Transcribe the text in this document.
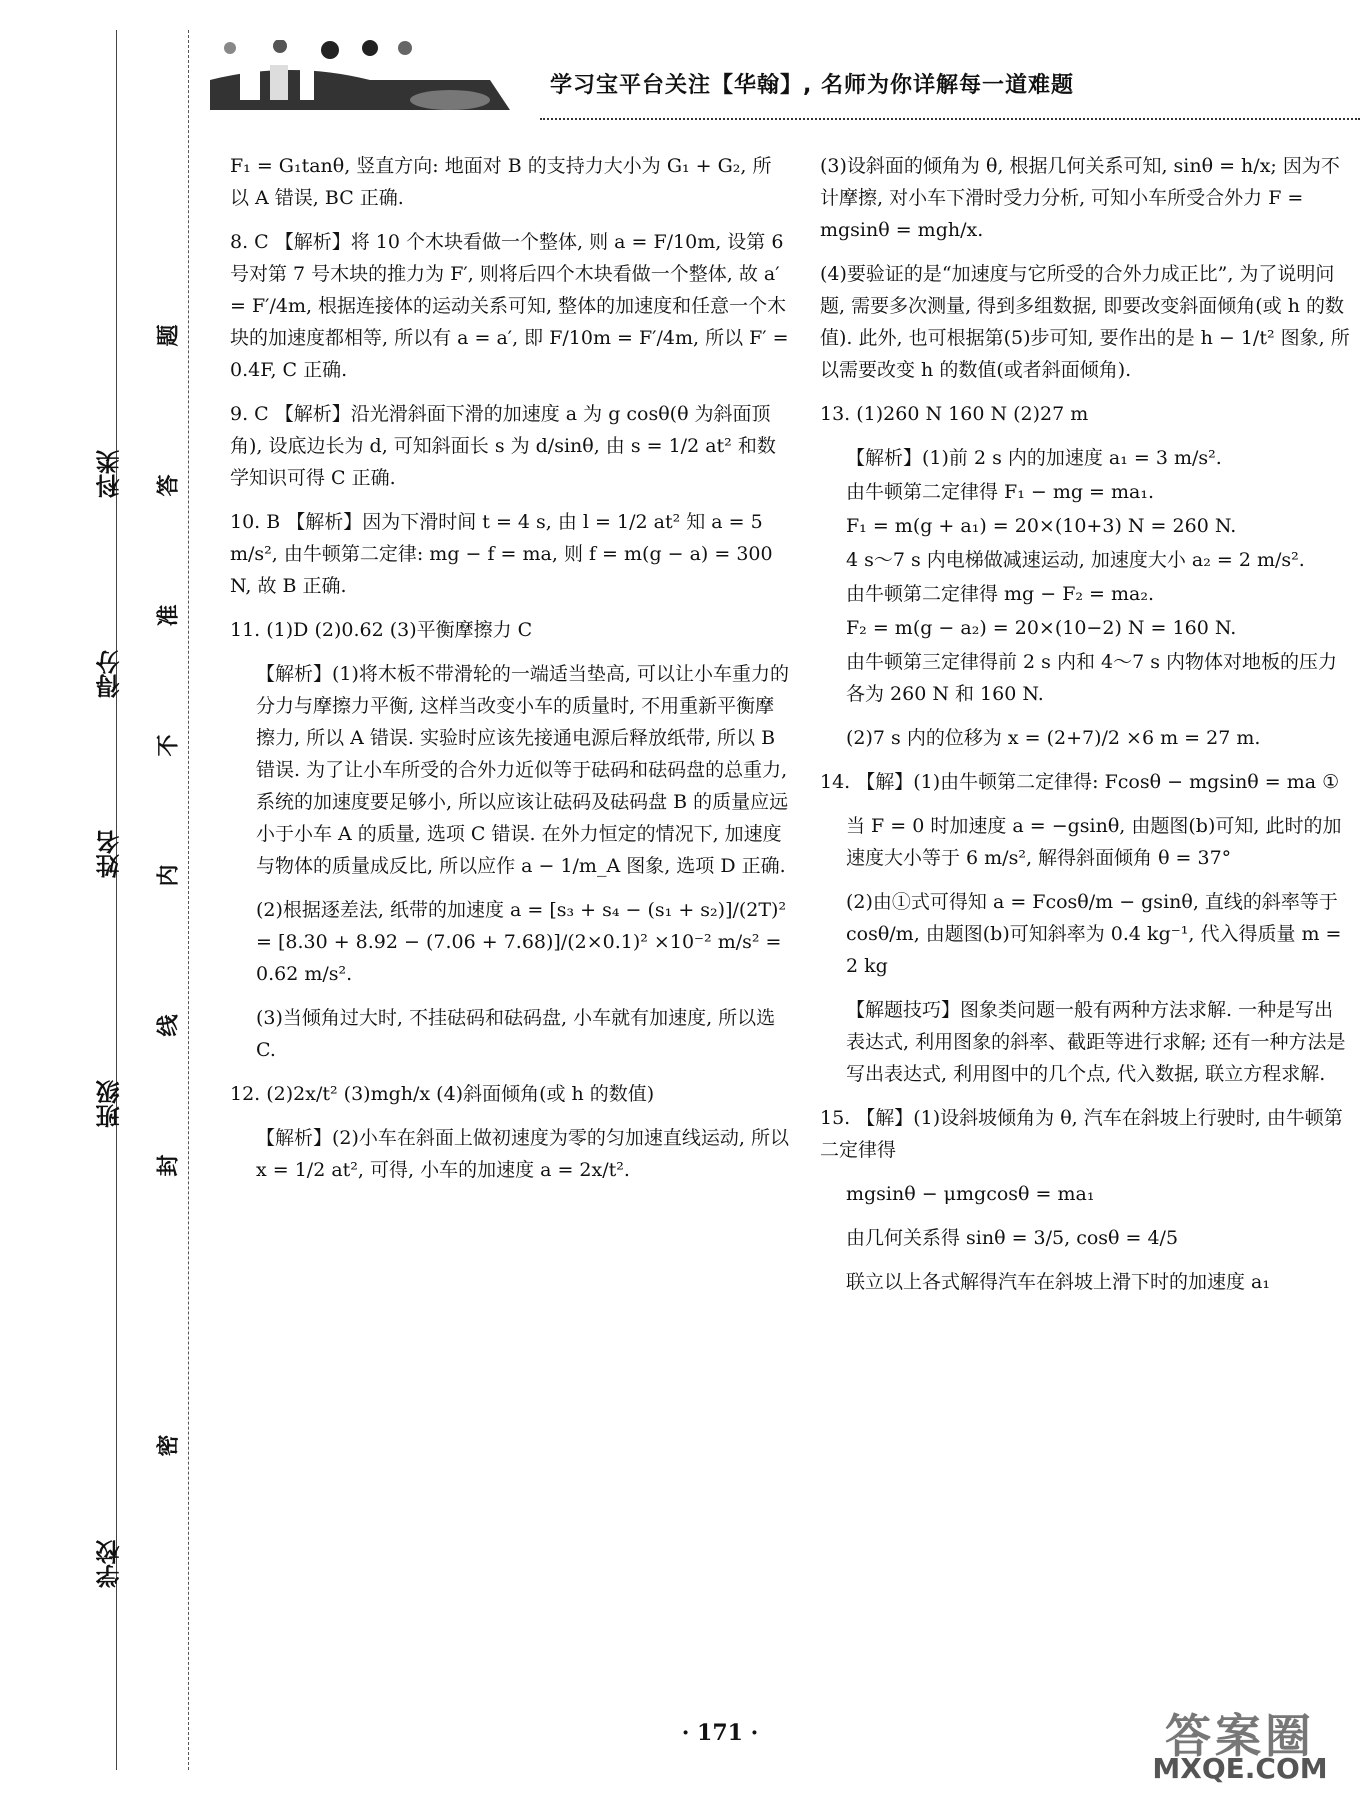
学习宝平台关注【华翰】, 名师为你详解每一道难题
科类
得分
姓名
班级
学校
题
答
准
不
内
线
封
密

F₁ = G₁tanθ, 竖直方向: 地面对 B 的支持力大小为 G₁ + G₂, 所以 A 错误, BC 正确.

8. C 【解析】将 10 个木块看做一个整体, 则 a = F/10m, 设第 6 号对第 7 号木块的推力为 F′, 则将后四个木块看做一个整体, 故 a′ = F′/4m, 根据连接体的运动关系可知, 整体的加速度和任意一个木块的加速度都相等, 所以有 a = a′, 即 F/10m = F′/4m, 所以 F′ = 0.4F, C 正确.

9. C 【解析】沿光滑斜面下滑的加速度 a 为 g cosθ(θ 为斜面顶角), 设底边长为 d, 可知斜面长 s 为 d/sinθ, 由 s = 1/2 at² 和数学知识可得 C 正确.

10. B 【解析】因为下滑时间 t = 4 s, 由 l = 1/2 at² 知 a = 5 m/s², 由牛顿第二定律: mg − f = ma, 则 f = m(g − a) = 300 N, 故 B 正确.

11. (1)D (2)0.62 (3)平衡摩擦力 C

【解析】(1)将木板不带滑轮的一端适当垫高, 可以让小车重力的分力与摩擦力平衡, 这样当改变小车的质量时, 不用重新平衡摩擦力, 所以 A 错误. 实验时应该先接通电源后释放纸带, 所以 B 错误. 为了让小车所受的合外力近似等于砝码和砝码盘的总重力, 系统的加速度要足够小, 所以应该让砝码及砝码盘 B 的质量应远小于小车 A 的质量, 选项 C 错误. 在外力恒定的情况下, 加速度与物体的质量成反比, 所以应作 a − 1/m_A 图象, 选项 D 正确.

(2)根据逐差法, 纸带的加速度 a = [s₃ + s₄ − (s₁ + s₂)]/(2T)² = [8.30 + 8.92 − (7.06 + 7.68)]/(2×0.1)² ×10⁻² m/s² = 0.62 m/s².

(3)当倾角过大时, 不挂砝码和砝码盘, 小车就有加速度, 所以选 C.

12. (2)2x/t² (3)mgh/x (4)斜面倾角(或 h 的数值)

【解析】(2)小车在斜面上做初速度为零的匀加速直线运动, 所以 x = 1/2 at², 可得, 小车的加速度 a = 2x/t².

(3)设斜面的倾角为 θ, 根据几何关系可知, sinθ = h/x; 因为不计摩擦, 对小车下滑时受力分析, 可知小车所受合外力 F = mgsinθ = mgh/x.

(4)要验证的是“加速度与它所受的合外力成正比”, 为了说明问题, 需要多次测量, 得到多组数据, 即要改变斜面倾角(或 h 的数值). 此外, 也可根据第(5)步可知, 要作出的是 h − 1/t² 图象, 所以需要改变 h 的数值(或者斜面倾角).

13. (1)260 N 160 N (2)27 m

【解析】(1)前 2 s 内的加速度 a₁ = 3 m/s².

由牛顿第二定律得 F₁ − mg = ma₁.

F₁ = m(g + a₁) = 20×(10+3) N = 260 N.

4 s～7 s 内电梯做减速运动, 加速度大小 a₂ = 2 m/s².

由牛顿第二定律得 mg − F₂ = ma₂.

F₂ = m(g − a₂) = 20×(10−2) N = 160 N.

由牛顿第三定律得前 2 s 内和 4～7 s 内物体对地板的压力各为 260 N 和 160 N.

(2)7 s 内的位移为 x = (2+7)/2 ×6 m = 27 m.

14. 【解】(1)由牛顿第二定律得: Fcosθ − mgsinθ = ma ①

当 F = 0 时加速度 a = −gsinθ, 由题图(b)可知, 此时的加速度大小等于 6 m/s², 解得斜面倾角 θ = 37°

(2)由①式可得知 a = Fcosθ/m − gsinθ, 直线的斜率等于 cosθ/m, 由题图(b)可知斜率为 0.4 kg⁻¹, 代入得质量 m = 2 kg

【解题技巧】图象类问题一般有两种方法求解. 一种是写出表达式, 利用图象的斜率、截距等进行求解; 还有一种方法是写出表达式, 利用图中的几个点, 代入数据, 联立方程求解.

15. 【解】(1)设斜坡倾角为 θ, 汽车在斜坡上行驶时, 由牛顿第二定律得

mgsinθ − μmgcosθ = ma₁

由几何关系得 sinθ = 3/5, cosθ = 4/5

联立以上各式解得汽车在斜坡上滑下时的加速度 a₁

· 171 ·	答案圈
MXQE.COM
